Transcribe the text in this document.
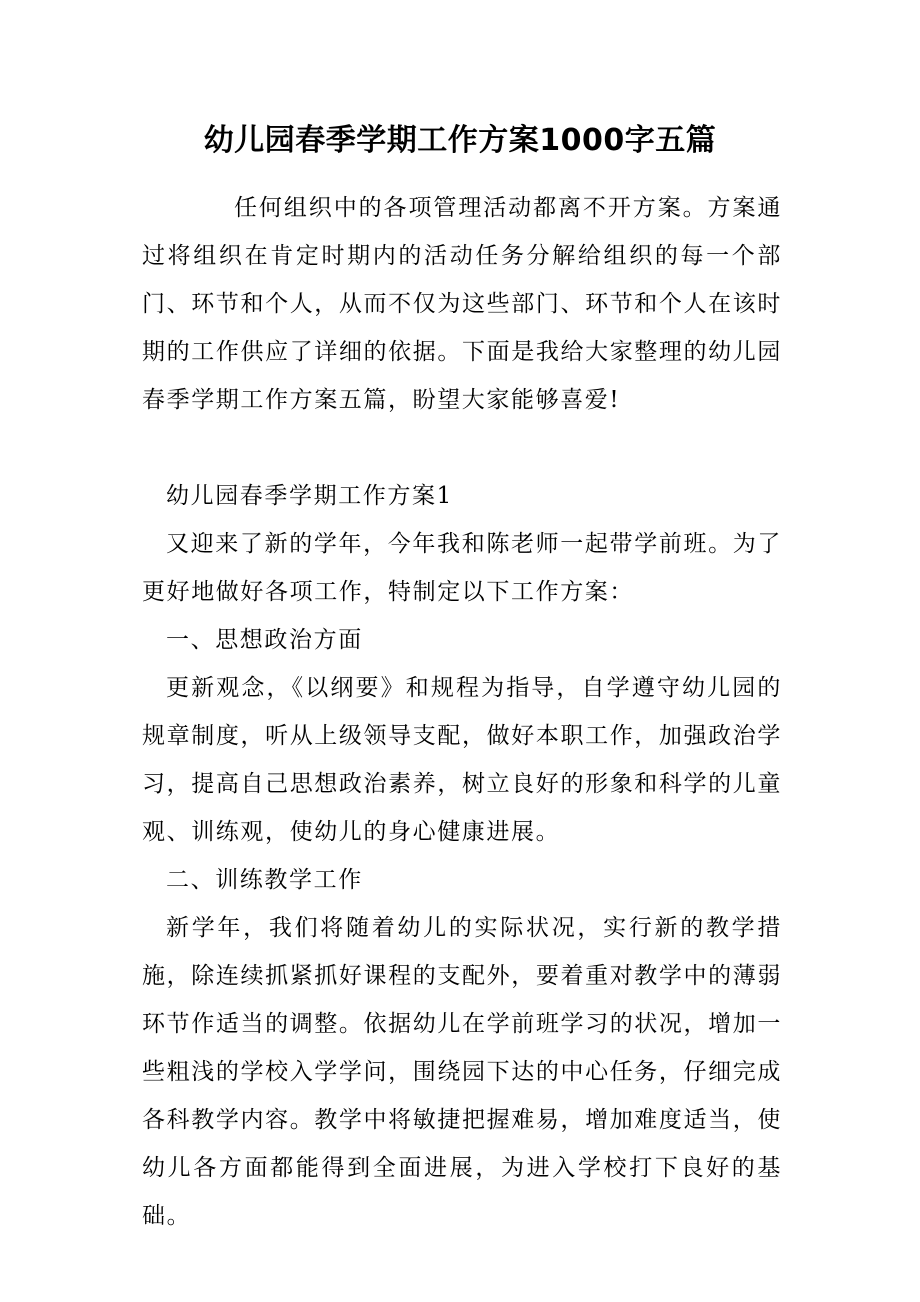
幼儿园春季学期工作方案1000字五篇
任何组织中的各项管理活动都离不开方案。方案通过将组织在肯定时期内的活动任务分解给组织的每一个部门、环节和个人，从而不仅为这些部门、环节和个人在该时期的工作供应了详细的依据。下面是我给大家整理的幼儿园春季学期工作方案五篇，盼望大家能够喜爱!
幼儿园春季学期工作方案1
又迎来了新的学年，今年我和陈老师一起带学前班。为了更好地做好各项工作，特制定以下工作方案：
一、思想政治方面
更新观念，《以纲要》和规程为指导，自学遵守幼儿园的规章制度，听从上级领导支配，做好本职工作，加强政治学习，提高自己思想政治素养，树立良好的形象和科学的儿童观、训练观，使幼儿的身心健康进展。
二、训练教学工作
新学年，我们将随着幼儿的实际状况，实行新的教学措施，除连续抓紧抓好课程的支配外，要着重对教学中的薄弱环节作适当的调整。依据幼儿在学前班学习的状况，增加一些粗浅的学校入学学问，围绕园下达的中心任务，仔细完成各科教学内容。教学中将敏捷把握难易，增加难度适当，使幼儿各方面都能得到全面进展，为进入学校打下良好的基础。
